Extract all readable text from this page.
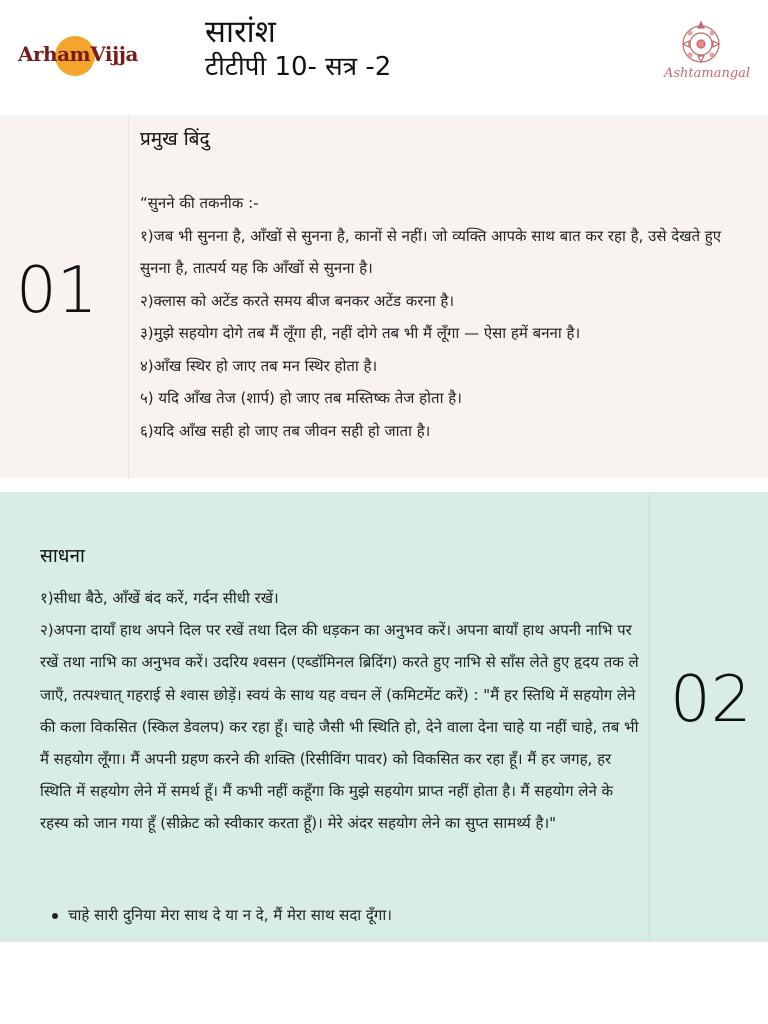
ArhamVijja
सारांश
टीटीपी 10- सत्र -2	Ashtamangal
01
प्रमुख बिंदु
“सुनने की तकनीक :-
१)जब भी सुनना है, आँखों से सुनना है, कानों से नहीं। जो व्यक्ति आपके साथ बात कर रहा है, उसे देखते हुए सुनना है, तात्पर्य यह कि आँखों से सुनना है।
२)क्लास को अटेंड करते समय बीज बनकर अटेंड करना है।
३)मुझे सहयोग दोगे तब मैं लूँगा ही, नहीं दोगे तब भी मैं लूँगा — ऐसा हमें बनना है।
४)आँख स्थिर हो जाए तब मन स्थिर होता है।
५) यदि आँख तेज (शार्प) हो जाए तब मस्तिष्क तेज होता है।
६)यदि आँख सही हो जाए तब जीवन सही हो जाता है।
साधना

१)सीधा बैठे, आँखें बंद करें, गर्दन सीधी रखें।

२)अपना दायाँ हाथ अपने दिल पर रखें तथा दिल की धड़कन का अनुभव करें। अपना बायाँ हाथ अपनी नाभि पर रखें तथा नाभि का अनुभव करें। उदरिय श्वसन (एब्डॉमिनल ब्रिदिंग) करते हुए नाभि से साँस लेते हुए हृदय तक ले जाएँ, तत्पश्चात् गहराई से श्वास छोड़ें। स्वयं के साथ यह वचन लें (कमिटमेंट करें) : "मैं हर स्तिथि में सहयोग लेने की कला विकसित (स्किल डेवलप) कर रहा हूँ। चाहे जैसी भी स्थिति हो, देने वाला देना चाहे या नहीं चाहे, तब भी मैं सहयोग लूँगा। मैं अपनी ग्रहण करने की शक्ति (रिसीविंग पावर) को विकसित कर रहा हूँ। मैं हर जगह, हर स्थिति में सहयोग लेने में समर्थ हूँ। मैं कभी नहीं कहूँगा कि मुझे सहयोग प्राप्त नहीं होता है। मैं सहयोग लेने के रहस्य को जान गया हूँ (सीक्रेट को स्वीकार करता हूँ)। मेरे अंदर सहयोग लेने का सुप्त सामर्थ्य है।"

चाहे सारी दुनिया मेरा साथ दे या न दे, मैं मेरा साथ सदा दूँगा।
02
